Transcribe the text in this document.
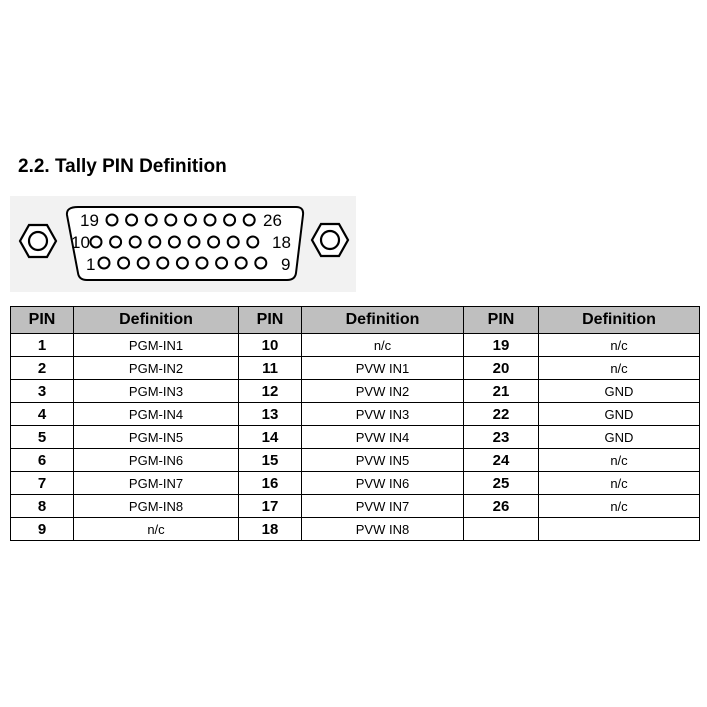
2.2. Tally PIN Definition
19	26
10	18
1	9
PIN	Definition	PIN	Definition	PIN	Definition
1	PGM-IN1	10	n/c	19	n/c
2	PGM-IN2	11	PVW IN1	20	n/c
3	PGM-IN3	12	PVW IN2	21	GND
4	PGM-IN4	13	PVW IN3	22	GND
5	PGM-IN5	14	PVW IN4	23	GND
6	PGM-IN6	15	PVW IN5	24	n/c
7	PGM-IN7	16	PVW IN6	25	n/c
8	PGM-IN8	17	PVW IN7	26	n/c
9	n/c	18	PVW IN8		
